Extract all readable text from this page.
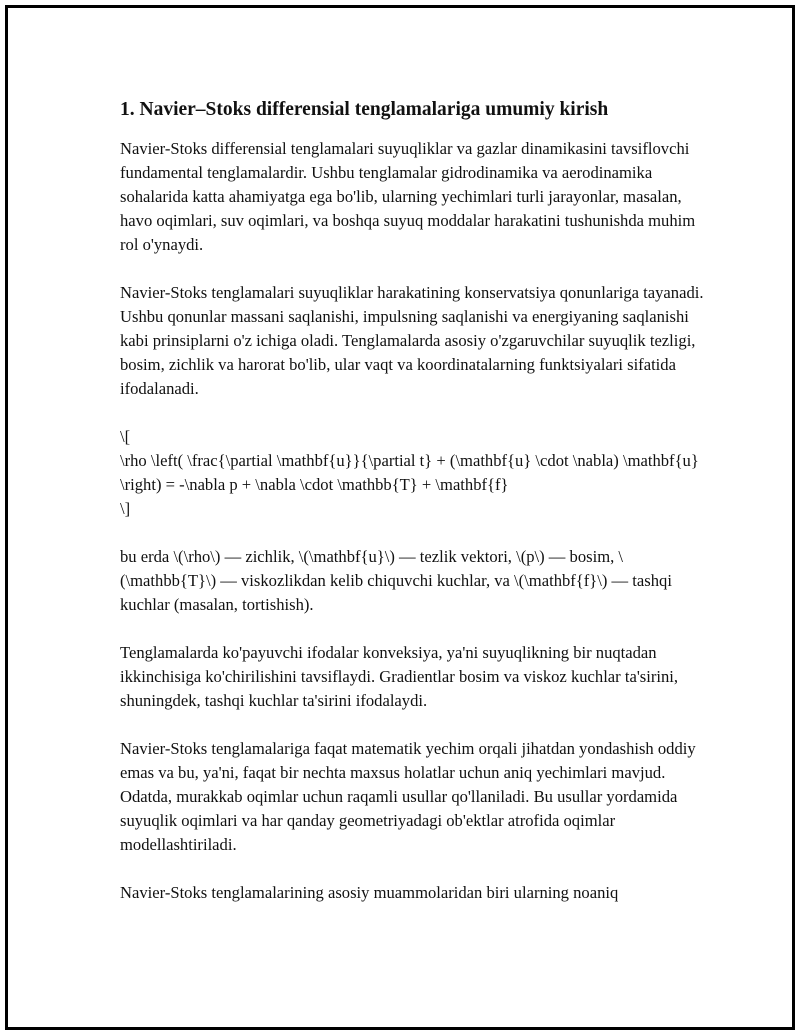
1. Navier–Stoks differensial tenglamalariga umumiy kirish

Navier-Stoks differensial tenglamalari suyuqliklar va gazlar dinamikasini tavsiflovchi fundamental tenglamalardir. Ushbu tenglamalar gidrodinamika va aerodinamika sohalarida katta ahamiyatga ega bo'lib, ularning yechimlari turli jarayonlar, masalan, havo oqimlari, suv oqimlari, va boshqa suyuq moddalar harakatini tushunishda muhim rol o'ynaydi.

Navier-Stoks tenglamalari suyuqliklar harakatining konservatsiya qonunlariga tayanadi. Ushbu qonunlar massani saqlanishi, impulsning saqlanishi va energiyaning saqlanishi kabi prinsiplarni o'z ichiga oladi. Tenglamalarda asosiy o'zgaruvchilar suyuqlik tezligi, bosim, zichlik va harorat bo'lib, ular vaqt va koordinatalarning funktsiyalari sifatida ifodalanadi.

\[
\rho \left( \frac{\partial \mathbf{u}}{\partial t} + (\mathbf{u} \cdot \nabla) \mathbf{u} \right) = -\nabla p + \nabla \cdot \mathbb{T} + \mathbf{f}
\]

bu erda \(\rho\) — zichlik, \(\mathbf{u}\) — tezlik vektori, \(p\) — bosim, \(\mathbb{T}\) — viskozlikdan kelib chiquvchi kuchlar, va \(\mathbf{f}\) — tashqi kuchlar (masalan, tortishish).

Tenglamalarda ko'payuvchi ifodalar konveksiya, ya'ni suyuqlikning bir nuqtadan ikkinchisiga ko'chirilishini tavsiflaydi. Gradientlar bosim va viskoz kuchlar ta'sirini, shuningdek, tashqi kuchlar ta'sirini ifodalaydi.

Navier-Stoks tenglamalariga faqat matematik yechim orqali jihatdan yondashish oddiy emas va bu, ya'ni, faqat bir nechta maxsus holatlar uchun aniq yechimlari mavjud. Odatda, murakkab oqimlar uchun raqamli usullar qo'llaniladi. Bu usullar yordamida suyuqlik oqimlari va har qanday geometriyadagi ob'ektlar atrofida oqimlar modellashtiriladi.

Navier-Stoks tenglamalarining asosiy muammolaridan biri ularning noaniq
